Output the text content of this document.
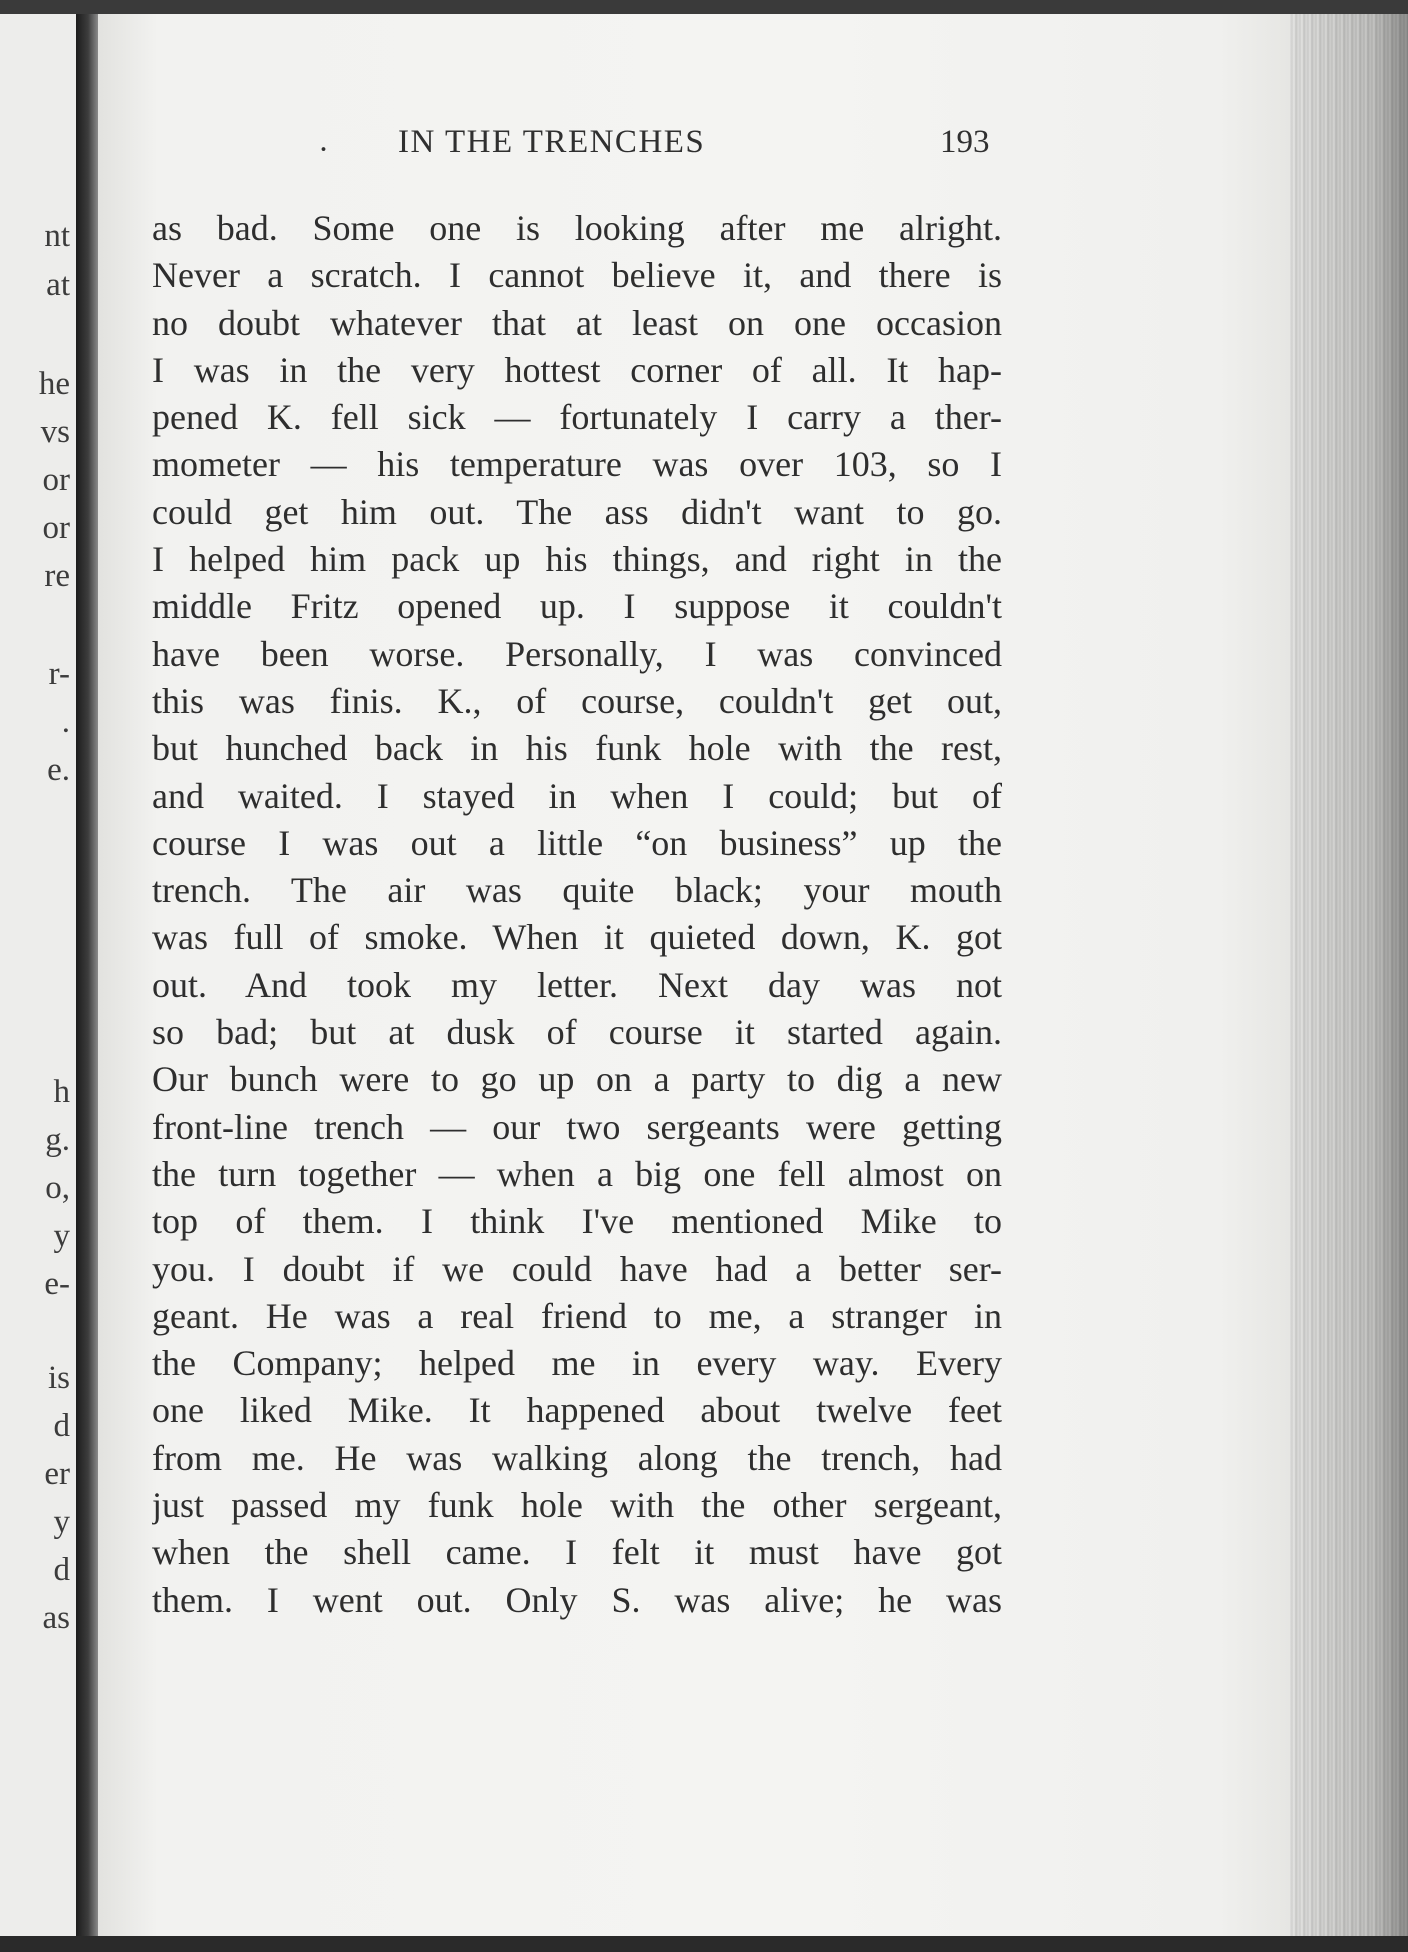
nt
at
he
vs
or
or
re
r-
.
e.
h
g.
o,
y
e-
is
d
er
y
d
as
· IN THE TRENCHES	193
as bad. Some one is looking after me alright.
Never a scratch. I cannot believe it, and there is
no doubt whatever that at least on one occasion
I was in the very hottest corner of all. It hap-
pened K. fell sick — fortunately I carry a ther-
mometer — his temperature was over 103, so I
could get him out. The ass didn't want to go.
I helped him pack up his things, and right in the
middle Fritz opened up. I suppose it couldn't
have been worse. Personally, I was convinced
this was finis. K., of course, couldn't get out,
but hunched back in his funk hole with the rest,
and waited. I stayed in when I could; but of
course I was out a little “on business” up the
trench. The air was quite black; your mouth
was full of smoke. When it quieted down, K. got
out. And took my letter. Next day was not
so bad; but at dusk of course it started again.
Our bunch were to go up on a party to dig a new
front-line trench — our two sergeants were getting
the turn together — when a big one fell almost on
top of them. I think I've mentioned Mike to
you. I doubt if we could have had a better ser-
geant. He was a real friend to me, a stranger in
the Company; helped me in every way. Every
one liked Mike. It happened about twelve feet
from me. He was walking along the trench, had
just passed my funk hole with the other sergeant,
when the shell came. I felt it must have got
them. I went out. Only S. was alive; he was
